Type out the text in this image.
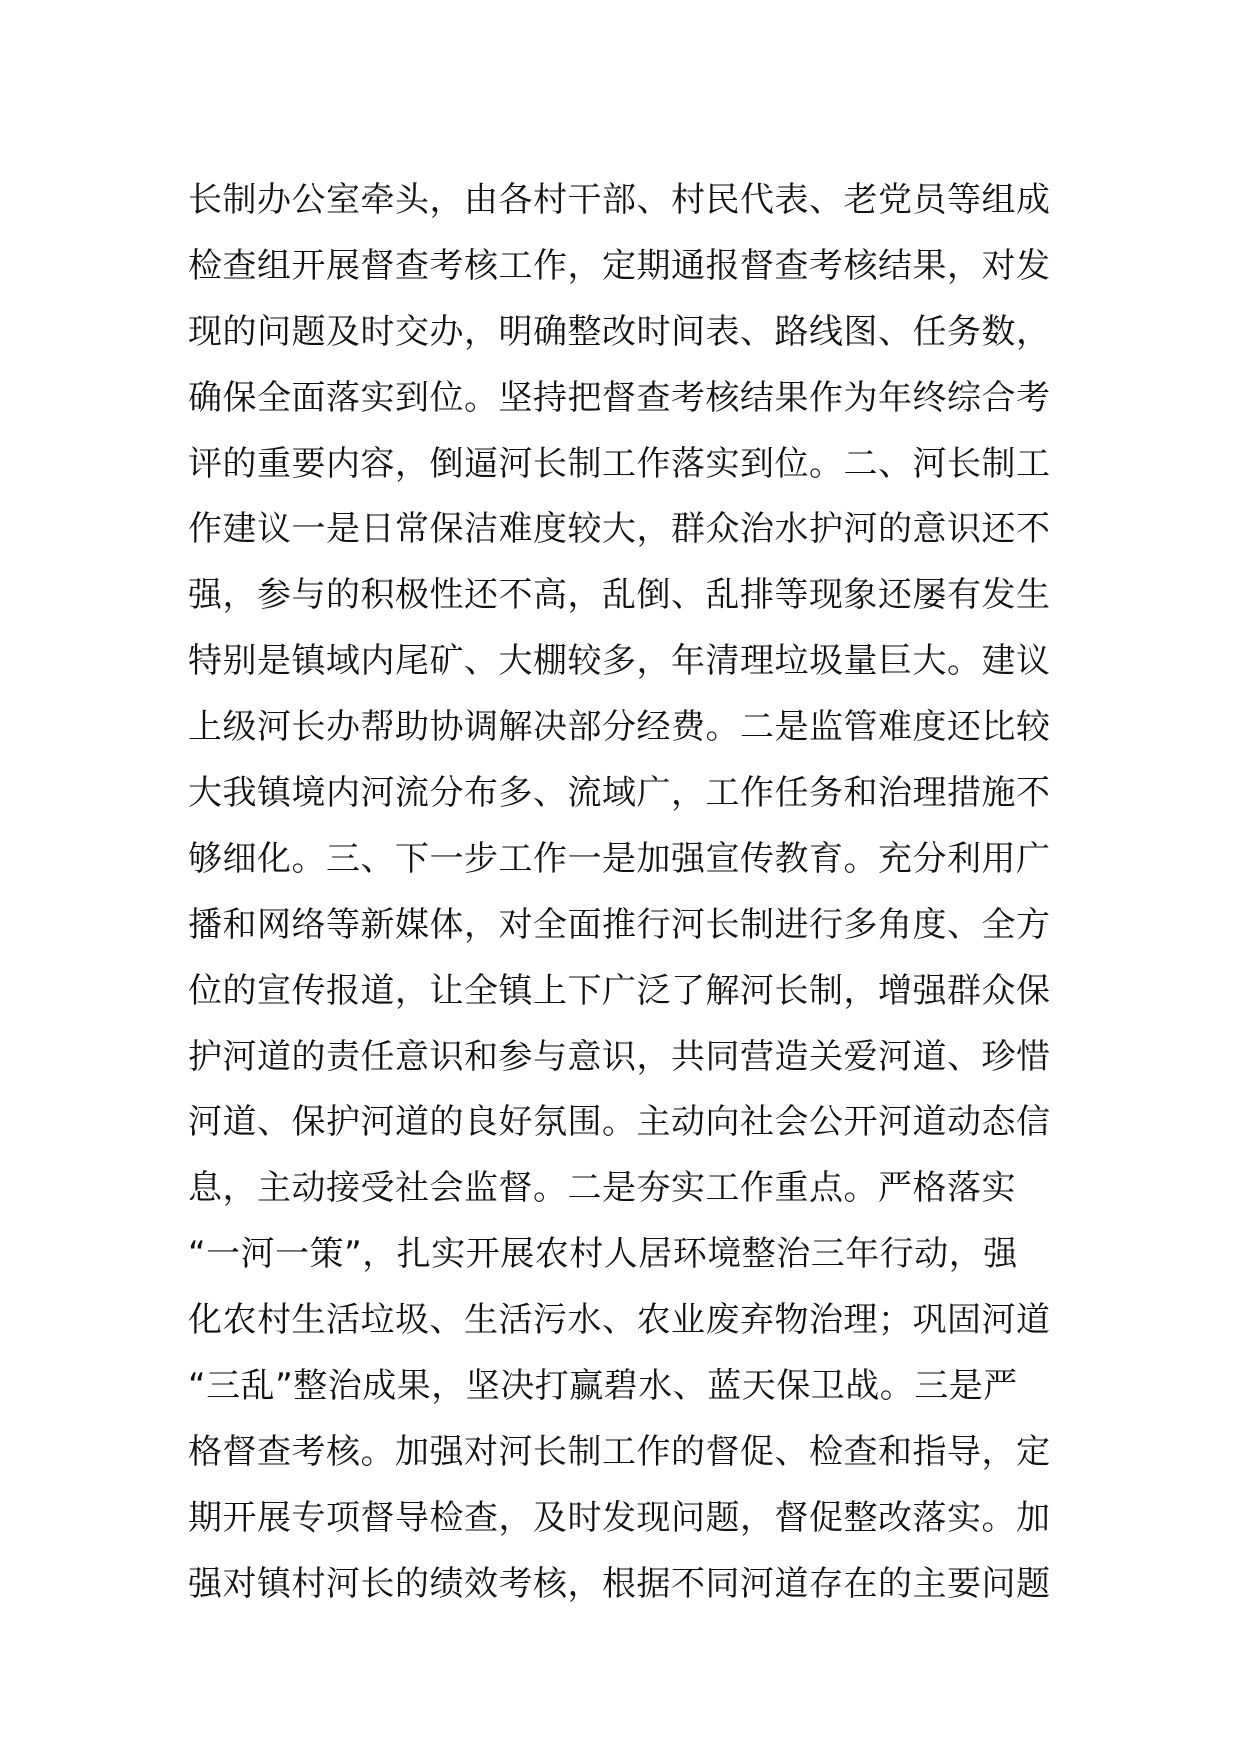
长制办公室牵头，由各村干部、村民代表、老党员等组成
检查组开展督查考核工作，定期通报督查考核结果，对发
现的问题及时交办，明确整改时间表、路线图、任务数，
确保全面落实到位。坚持把督查考核结果作为年终综合考
评的重要内容，倒逼河长制工作落实到位。二、河长制工
作建议一是日常保洁难度较大，群众治水护河的意识还不
强，参与的积极性还不高，乱倒、乱排等现象还屡有发生
特别是镇域内尾矿、大棚较多，年清理垃圾量巨大。建议
上级河长办帮助协调解决部分经费。二是监管难度还比较
大我镇境内河流分布多、流域广，工作任务和治理措施不
够细化。三、下一步工作一是加强宣传教育。充分利用广
播和网络等新媒体，对全面推行河长制进行多角度、全方
位的宣传报道，让全镇上下广泛了解河长制，增强群众保
护河道的责任意识和参与意识，共同营造关爱河道、珍惜
河道、保护河道的良好氛围。主动向社会公开河道动态信
息，主动接受社会监督。二是夯实工作重点。严格落实
“一河一策”，扎实开展农村人居环境整治三年行动，强
化农村生活垃圾、生活污水、农业废弃物治理；巩固河道
“三乱”整治成果，坚决打赢碧水、蓝天保卫战。三是严
格督查考核。加强对河长制工作的督促、检查和指导，定
期开展专项督导检查，及时发现问题，督促整改落实。加
强对镇村河长的绩效考核，根据不同河道存在的主要问题
